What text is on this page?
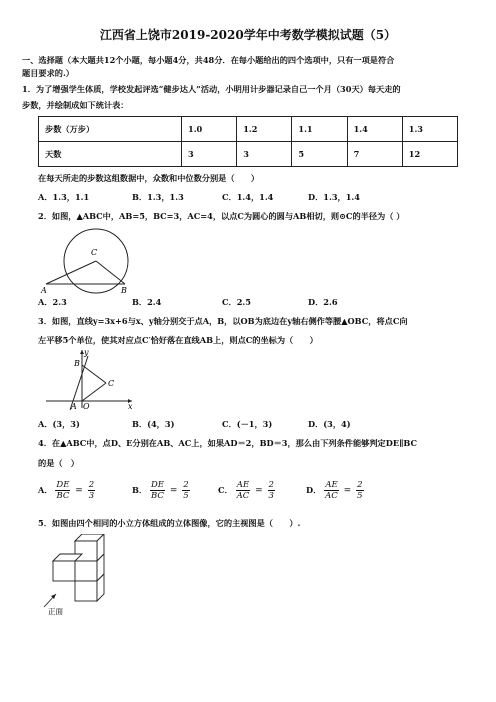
江西省上饶市2019-2020学年中考数学模拟试题（5）
一、选择题（本大题共12个小题，每小题4分，共48分．在每小题给出的四个选项中，只有一项是符合
题目要求的.）
1．为了增强学生体质，学校发起评选“健步达人”活动，小明用计步器记录自己一个月（30天）每天走的
步数，并绘制成如下统计表：
步数（万步）	1.0	1.2	1.1	1.4	1.3
天数	3	3	5	7	12
在每天所走的步数这组数据中，众数和中位数分别是（　　）
A．1.3，1.1	B．1.3，1.3	C．1.4，1.4	D．1.3，1.4
2．如图，▲ABC中，AB=5，BC=3，AC=4，以点C为圆心的圆与AB相切，则⊙C的半径为（ ）
C
A	B
A．2.3	B．2.4	C．2.5	D．2.6
3．如图，直线y=3x+6与x、y轴分别交于点A，B，以OB为底边在y轴右侧作等腰▲OBC，将点C向
左平移5个单位，使其对应点C′恰好落在直线AB上，则点C的坐标为（　　）
y
B
C
A O	x
A．(3，3)	B．(4，3)	C．(－1，3)	D．(3，4)
4．在▲ABC中，点D、E分别在AB、AC上，如果AD＝2，BD＝3，那么由下列条件能够判定DE∥BC
的是（　）
A． $\frac{DE}{BC} = \frac{2}{3}$	B． $\frac{DE}{BC} = \frac{2}{5}$	C． $\frac{AE}{AC} = \frac{2}{3}$	D． $\frac{AE}{AC} = \frac{2}{5}$
5．如图由四个相同的小立方体组成的立体图像，它的主视图是（　　）.
正面
